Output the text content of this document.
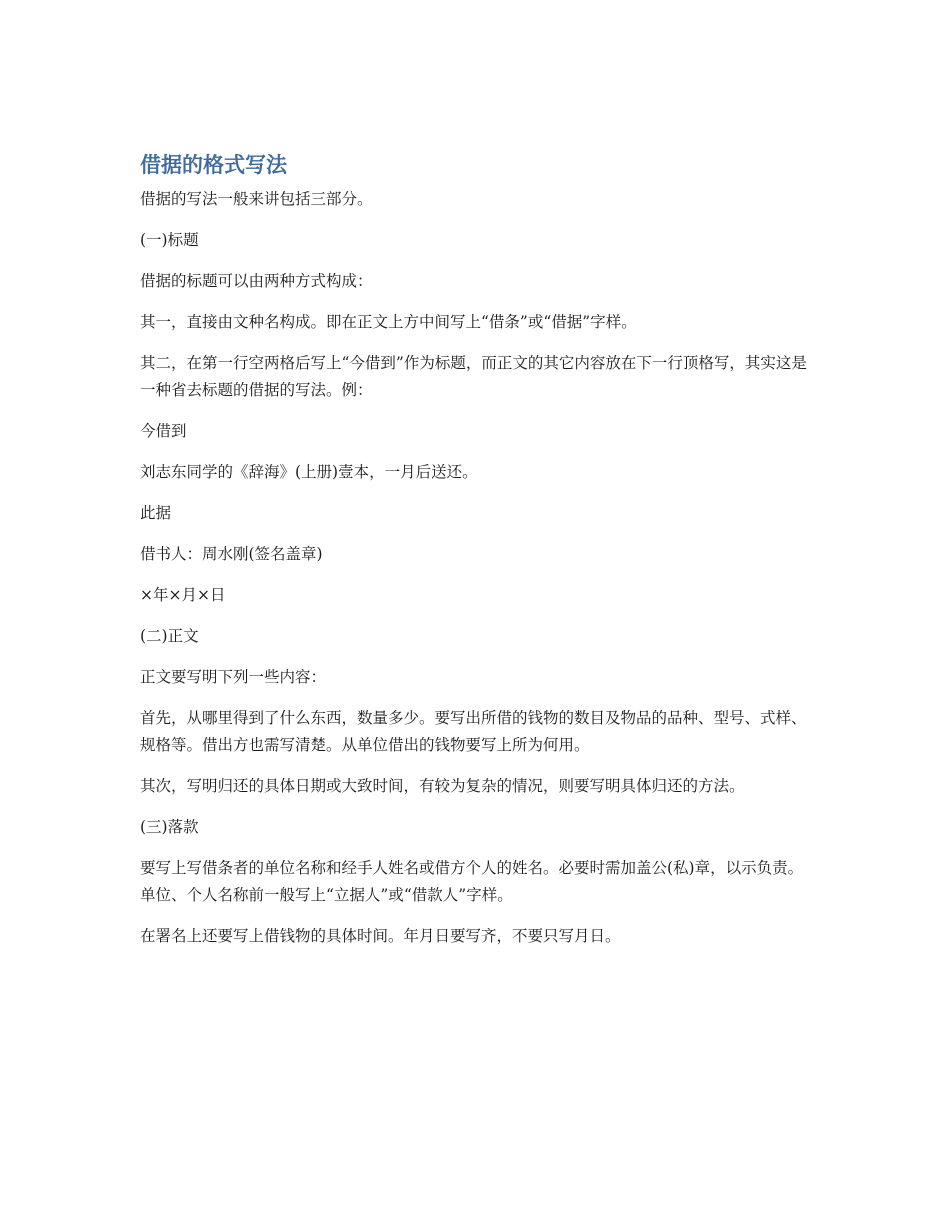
借据的格式写法

借据的写法一般来讲包括三部分。

(一)标题

借据的标题可以由两种方式构成：

其一，直接由文种名构成。即在正文上方中间写上“借条”或“借据”字样。

其二，在第一行空两格后写上“今借到”作为标题，而正文的其它内容放在下一行顶格写，其实这是一种省去标题的借据的写法。例：

今借到

刘志东同学的《辞海》(上册)壹本，一月后送还。

此据

借书人：周水刚(签名盖章)

×年×月×日

(二)正文

正文要写明下列一些内容：

首先，从哪里得到了什么东西，数量多少。要写出所借的钱物的数目及物品的品种、型号、式样、规格等。借出方也需写清楚。从单位借出的钱物要写上所为何用。

其次，写明归还的具体日期或大致时间，有较为复杂的情况，则要写明具体归还的方法。

(三)落款

要写上写借条者的单位名称和经手人姓名或借方个人的姓名。必要时需加盖公(私)章，以示负责。单位、个人名称前一般写上“立据人”或“借款人”字样。

在署名上还要写上借钱物的具体时间。年月日要写齐，不要只写月日。
